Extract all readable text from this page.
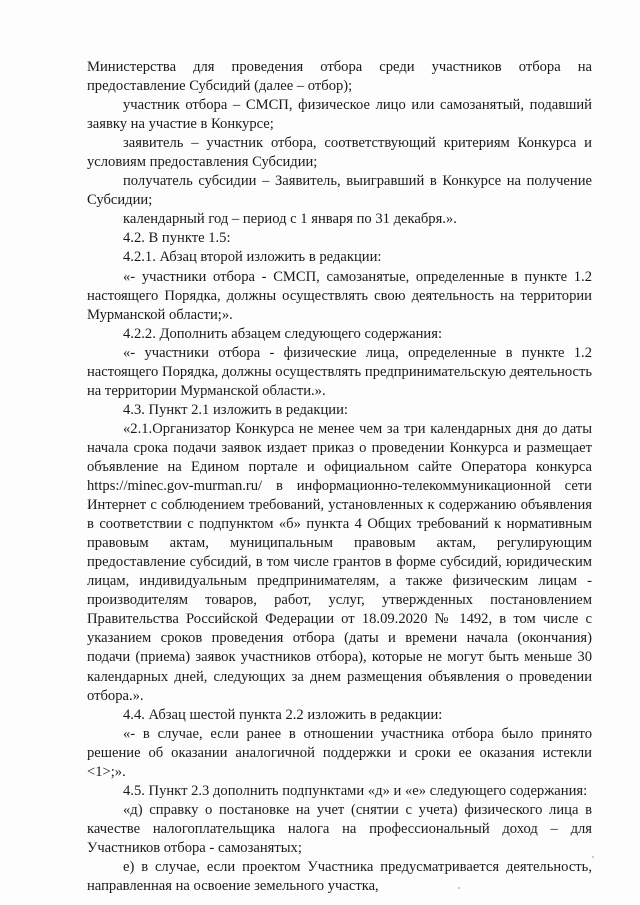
Министерства для проведения отбора среди участников отбора на предоставление Субсидий (далее – отбор);

участник отбора – СМСП, физическое лицо или самозанятый, подавший заявку на участие в Конкурсе;

заявитель – участник отбора, соответствующий критериям Конкурса и условиям предоставления Субсидии;

получатель субсидии – Заявитель, выигравший в Конкурсе на получение Субсидии;

календарный год – период с 1 января по 31 декабря.».

4.2. В пункте 1.5:

4.2.1. Абзац второй изложить в редакции:

«- участники отбора - СМСП, самозанятые, определенные в пункте 1.2 настоящего Порядка, должны осуществлять свою деятельность на территории Мурманской области;».

4.2.2. Дополнить абзацем следующего содержания:

«- участники отбора - физические лица, определенные в пункте 1.2 настоящего Порядка, должны осуществлять предпринимательскую деятельность на территории Мурманской области.».

4.3. Пункт 2.1 изложить в редакции:

«2.1.Организатор Конкурса не менее чем за три календарных дня до даты начала срока подачи заявок издает приказ о проведении Конкурса и размещает объявление на Едином портале и официальном сайте Оператора конкурса https://minec.gov-murman.ru/ в информационно-телекоммуникационной сети Интернет с соблюдением требований, установленных к содержанию объявления в соответствии с подпунктом «б» пункта 4 Общих требований к нормативным правовым актам, муниципальным правовым актам, регулирующим предоставление субсидий, в том числе грантов в форме субсидий, юридическим лицам, индивидуальным предпринимателям, а также физическим лицам - производителям товаров, работ, услуг, утвержденных постановлением Правительства Российской Федерации от 18.09.2020 № 1492, в том числе с указанием сроков проведения отбора (даты и времени начала (окончания) подачи (приема) заявок участников отбора), которые не могут быть меньше 30 календарных дней, следующих за днем размещения объявления о проведении отбора.».

4.4. Абзац шестой пункта 2.2 изложить в редакции:

«- в случае, если ранее в отношении участника отбора было принято решение об оказании аналогичной поддержки и сроки ее оказания истекли <1>;».

4.5. Пункт 2.3 дополнить подпунктами «д» и «е» следующего содержания:

«д) справку о постановке на учет (снятии с учета) физического лица в качестве налогоплательщика налога на профессиональный доход – для Участников отбора - самозанятых;

е) в случае, если проектом Участника предусматривается деятельность, направленная на освоение земельного участка,
